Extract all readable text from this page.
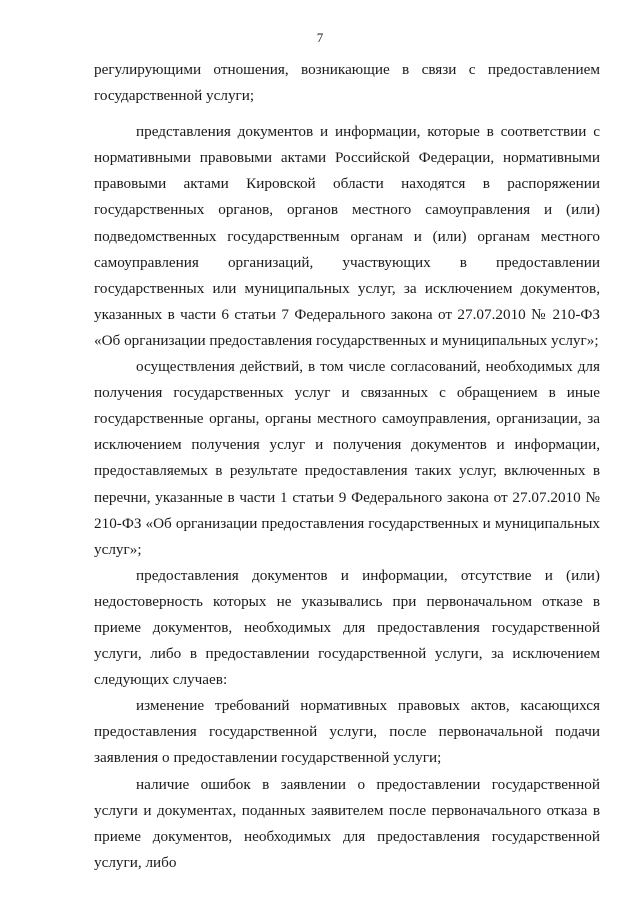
7

регулирующими отношения, возникающие в связи с предоставлением государственной услуги;

представления документов и информации, которые в соответствии с нормативными правовыми актами Российской Федерации, нормативными правовыми актами Кировской области находятся в распоряжении государственных органов, органов местного самоуправления и (или) подведомственных государственным органам и (или) органам местного самоуправления организаций, участвующих в предоставлении государственных или муниципальных услуг, за исключением документов, указанных в части 6 статьи 7 Федерального закона от 27.07.2010 № 210-ФЗ «Об организации предоставления государственных и муниципальных услуг»;

осуществления действий, в том числе согласований, необходимых для получения государственных услуг и связанных с обращением в иные государственные органы, органы местного самоуправления, организации, за исключением получения услуг и получения документов и информации, предоставляемых в результате предоставления таких услуг, включенных в перечни, указанные в части 1 статьи 9 Федерального закона от 27.07.2010 № 210-ФЗ «Об организации предоставления государственных и муниципальных услуг»;

предоставления документов и информации, отсутствие и (или) недостоверность которых не указывались при первоначальном отказе в приеме документов, необходимых для предоставления государственной услуги, либо в предоставлении государственной услуги, за исключением следующих случаев:

изменение требований нормативных правовых актов, касающихся предоставления государственной услуги, после первоначальной подачи заявления о предоставлении государственной услуги;

наличие ошибок в заявлении о предоставлении государственной услуги и документах, поданных заявителем после первоначального отказа в приеме документов, необходимых для предоставления государственной услуги, либо
